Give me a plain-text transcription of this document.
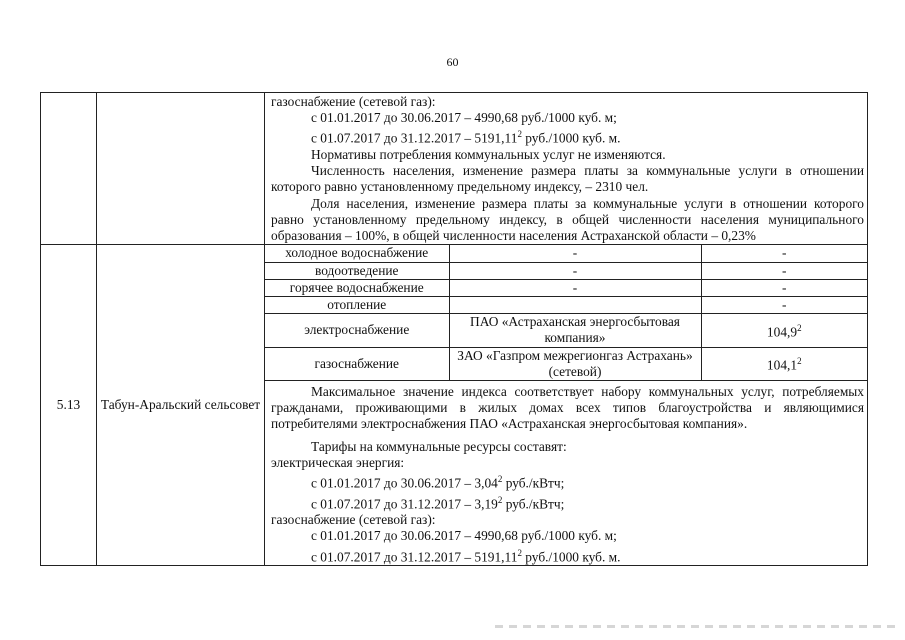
60

газоснабжение (сетевой газ):

с 01.01.2017 до 30.06.2017 – 4990,68 руб./1000 куб. м;

с 01.07.2017 до 31.12.2017 – 5191,11$^2$ руб./1000 куб. м.

Нормативы потребления коммунальных услуг не изменяются.

Численность населения, изменение размера платы за коммунальные услуги в отношении которого равно установленному предельному индексу, – 2310 чел.

Доля населения, изменение размера платы за коммунальные услуги в отношении которого равно установленному предельному индексу, в общей численности населения муниципального образования – 100%, в общей численности населения Астраханской области – 0,23%

5.13	Табун-Аральский сельсовет	
холодное водоснабжение	-	-
водоотведение	-	-
горячее водоснабжение	-	-
отопление		-
электроснабжение	ПАО «Астраханская энергосбытовая компания»	104,9$^2$
газоснабжение	ЗАО «Газпром межрегионгаз Астрахань» (сетевой)	104,1$^2$

Максимальное значение индекса соответствует набору коммунальных услуг, потребляемых гражданами, проживающими в жилых домах всех типов благоустройства и являющимися потребителями электроснабжения ПАО «Астраханская энергосбытовая компания».

Тарифы на коммунальные ресурсы составят:

электрическая энергия:

с 01.01.2017 до 30.06.2017 – 3,04$^2$ руб./кВтч;

с 01.07.2017 до 31.12.2017 – 3,19$^2$ руб./кВтч;

газоснабжение (сетевой газ):

с 01.01.2017 до 30.06.2017 – 4990,68 руб./1000 куб. м;

с 01.07.2017 до 31.12.2017 – 5191,11$^2$ руб./1000 куб. м.
